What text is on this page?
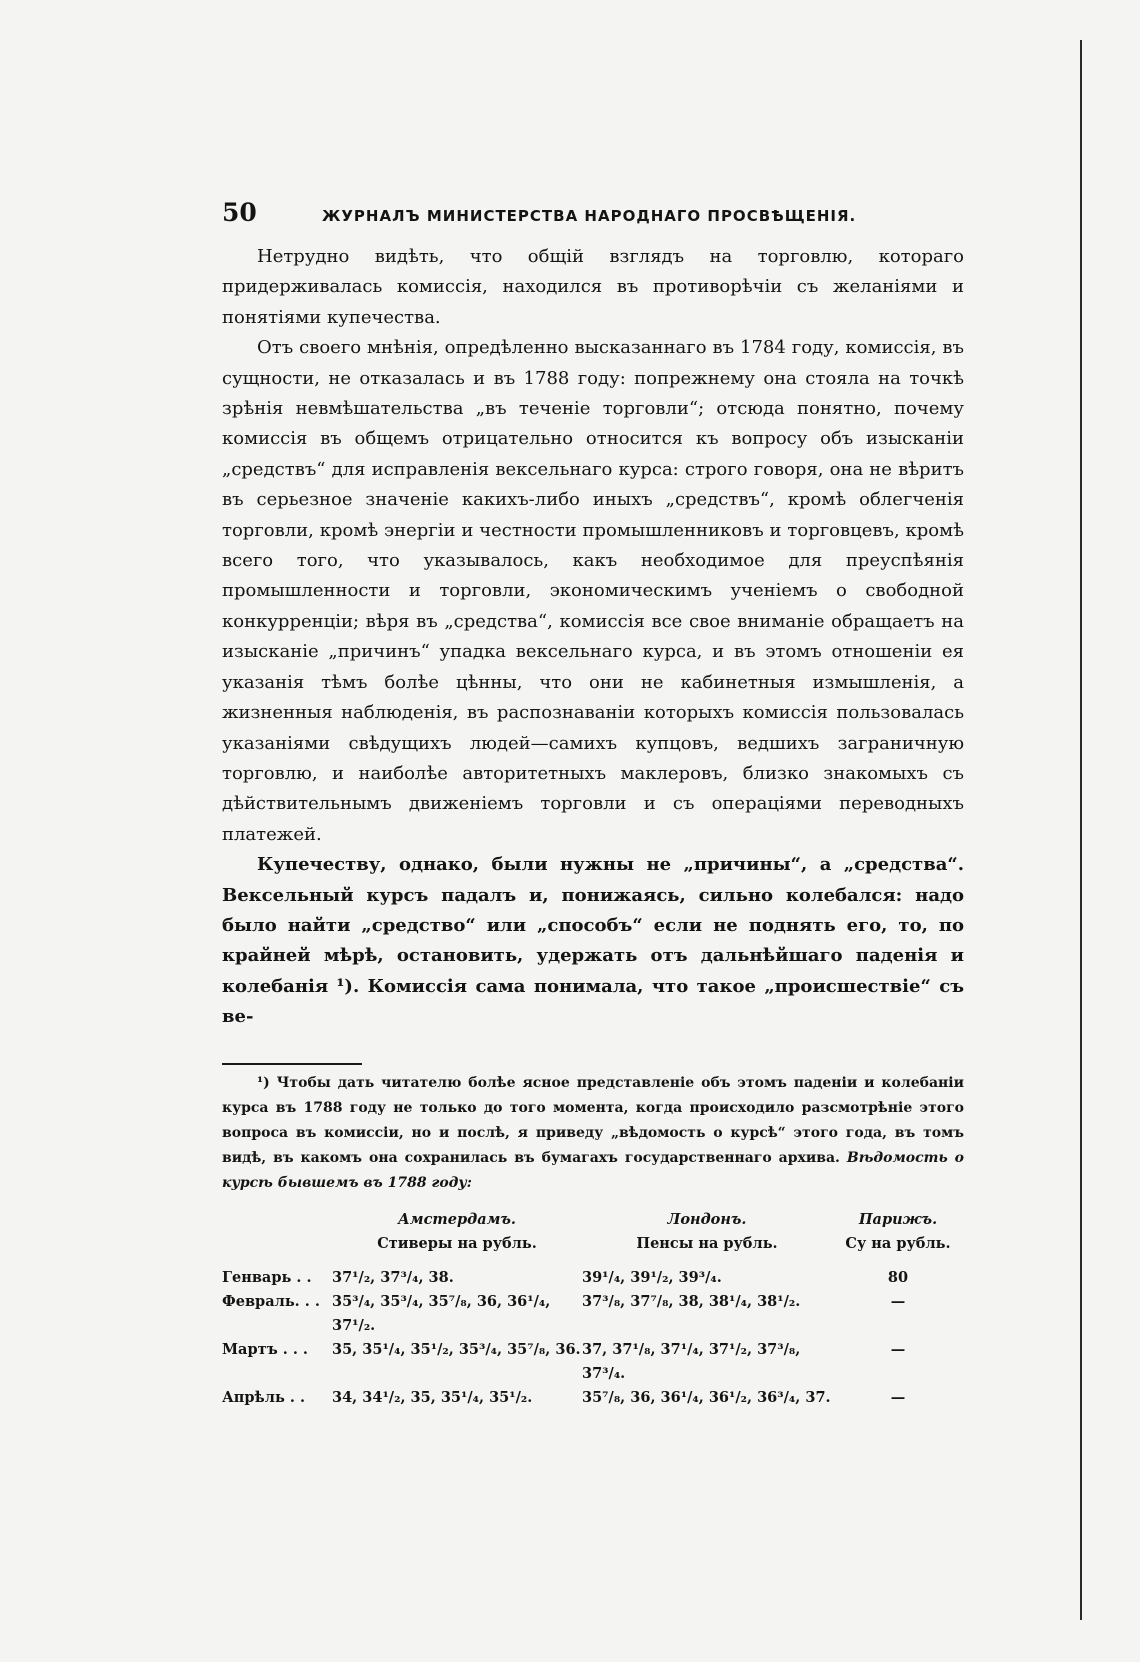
50	ЖУРНАЛЪ МИНИСТЕРСТВА НАРОДНАГО ПРОСВѢЩЕНІЯ.

Нетрудно видѣть, что общій взглядъ на торговлю, котораго придерживалась комиссія, находился въ противорѣчіи съ желаніями и понятіями купечества.

Отъ своего мнѣнія, опредѣленно высказаннаго въ 1784 году, комиссія, въ сущности, не отказалась и въ 1788 году: попрежнему она стояла на точкѣ зрѣнія невмѣшательства „въ теченіе торговли“; отсюда понятно, почему комиссія въ общемъ отрицательно относится къ вопросу объ изысканіи „средствъ“ для исправленія вексельнаго курса: строго говоря, она не вѣритъ въ серьезное значеніе какихъ-либо иныхъ „средствъ“, кромѣ облегченія торговли, кромѣ энергіи и честности промышленниковъ и торговцевъ, кромѣ всего того, что указывалось, какъ необходимое для преуспѣянія промышленности и торговли, экономическимъ ученіемъ о свободной конкурренціи; вѣря въ „средства“, комиссія все свое вниманіе обращаетъ на изысканіе „причинъ“ упадка вексельнаго курса, и въ этомъ отношеніи ея указанія тѣмъ болѣе цѣнны, что они не кабинетныя измышленія, а жизненныя наблюденія, въ распознаваніи которыхъ комиссія пользовалась указаніями свѣдущихъ людей—самихъ купцовъ, ведшихъ заграничную торговлю, и наиболѣе авторитетныхъ маклеровъ, близко знакомыхъ съ дѣйствительнымъ движеніемъ торговли и съ операціями переводныхъ платежей.

Купечеству, однако, были нужны не „причины“, а „средства“. Вексельный курсъ падалъ и, понижаясь, сильно колебался: надо было найти „средство“ или „способъ“ если не поднять его, то, по крайней мѣрѣ, остановить, удержать отъ дальнѣйшаго паденія и колебанія ¹). Комиссія сама понимала, что такое „происшествіе“ съ ве-

¹) Чтобы дать читателю болѣе ясное представленіе объ этомъ паденіи и колебаніи курса въ 1788 году не только до того момента, когда происходило разсмотрѣніе этого вопроса въ комиссіи, но и послѣ, я приведу „вѣдомость о курсѣ“ этого года, въ томъ видѣ, въ какомъ она сохранилась въ бумагахъ государственнаго архива. Вѣдомость о курсѣ бывшемъ въ 1788 году:

	Амстердамъ.	Лондонъ.	Парижъ.
	Стиверы на рубль.	Пенсы на рубль.	Су на рубль.

Генварь . .	37¹/₂, 37³/₄, 38.	39¹/₄, 39¹/₂, 39³/₄.	80
Февраль. . .	35³/₄, 35³/₄, 35⁷/₈, 36, 36¹/₄, 37¹/₂.	37³/₈, 37⁷/₈, 38, 38¹/₄, 38¹/₂.	—
Мартъ . . .	35, 35¹/₄, 35¹/₂, 35³/₄, 35⁷/₈, 36.	37, 37¹/₈, 37¹/₄, 37¹/₂, 37³/₈, 37³/₄.	—
Апрѣль . .	34, 34¹/₂, 35, 35¹/₄, 35¹/₂.	35⁷/₈, 36, 36¹/₄, 36¹/₂, 36³/₄, 37.	—
